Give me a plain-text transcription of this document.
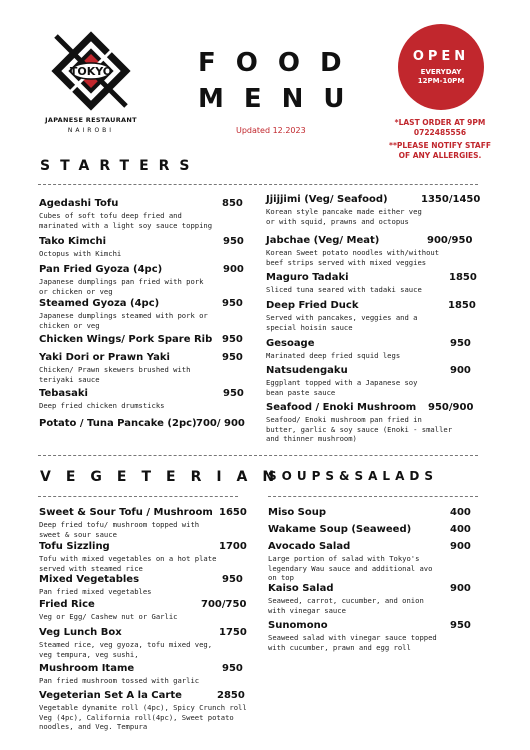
TOKYO
JAPANESE RESTAURANT
NAIROBI
FOOD
MENU
Updated 12.2023
OPEN
EVERYDAY
12PM-10PM
*LAST ORDER AT 9PM
0722485556
**PLEASE NOTIFY STAFF
OF ANY ALLERGIES.
STARTERS
VEGETERIAN
SOUPS&SALADS
Agedashi Tofu	850
Cubes of soft tofu deep fried and
marinated with a light soy sauce topping
Tako Kimchi	950
Octopus with Kimchi
Pan Fried Gyoza (4pc)	900
Japanese dumplings pan fried with pork
or chicken or veg
Steamed Gyoza (4pc)	950
Japanese dumplings steamed with pork or
chicken or veg
Chicken Wings/ Pork Spare Rib 950
Yaki Dori or Prawn Yaki	950
Chicken/ Prawn skewers brushed with
teriyaki sauce
Tebasaki	950
Deep fried chicken drumsticks
Potato / Tuna Pancake (2pc) 700/ 900
Jjijjimi (Veg/ Seafood)	1350/1450
Korean style pancake made either veg
or with squid, prawns and octopus
Jabchae (Veg/ Meat)	900/950
Korean Sweet potato noodles with/without
beef strips served with mixed veggies
Maguro Tadaki	1850
Sliced tuna seared with tadaki sauce
Deep Fried Duck	1850
Served with pancakes, veggies and a
special hoisin sauce
Gesoage	950
Marinated deep fried squid legs
Natsudengaku	900
Eggplant topped with a Japanese soy
bean paste sauce
Seafood / Enoki Mushroom	950/900
Seafood/ Enoki mushroom pan fried in
butter, garlic & soy sauce (Enoki - smaller
and thinner mushroom)
Sweet & Sour Tofu / Mushroom 1650
Deep fried tofu/ mushroom topped with
sweet & sour sauce
Tofu Sizzling	1700
Tofu with mixed vegetables on a hot plate
served with steamed rice
Mixed Vegetables	950
Pan fried mixed vegetables
Fried Rice	700/750
Veg or Egg/ Cashew nut or Garlic
Veg Lunch Box	1750
Steamed rice, veg gyoza, tofu mixed veg,
veg tempura, veg sushi,
Mushroom Itame	950
Pan fried mushroom tossed with garlic
Vegeterian Set A la Carte	2850
Vegetable dynamite roll (4pc), Spicy Crunch roll
Veg (4pc), California roll(4pc), Sweet potato
noodles, and Veg. Tempura
Miso Soup	400
Wakame Soup (Seaweed)	400
Avocado Salad	900
Large portion of salad with Tokyo's
legendary Wau sauce and additional avo
on top
Kaiso Salad	900
Seaweed, carrot, cucumber, and onion
with vinegar sauce
Sunomono	950
Seaweed salad with vinegar sauce topped
with cucumber, prawn and egg roll
